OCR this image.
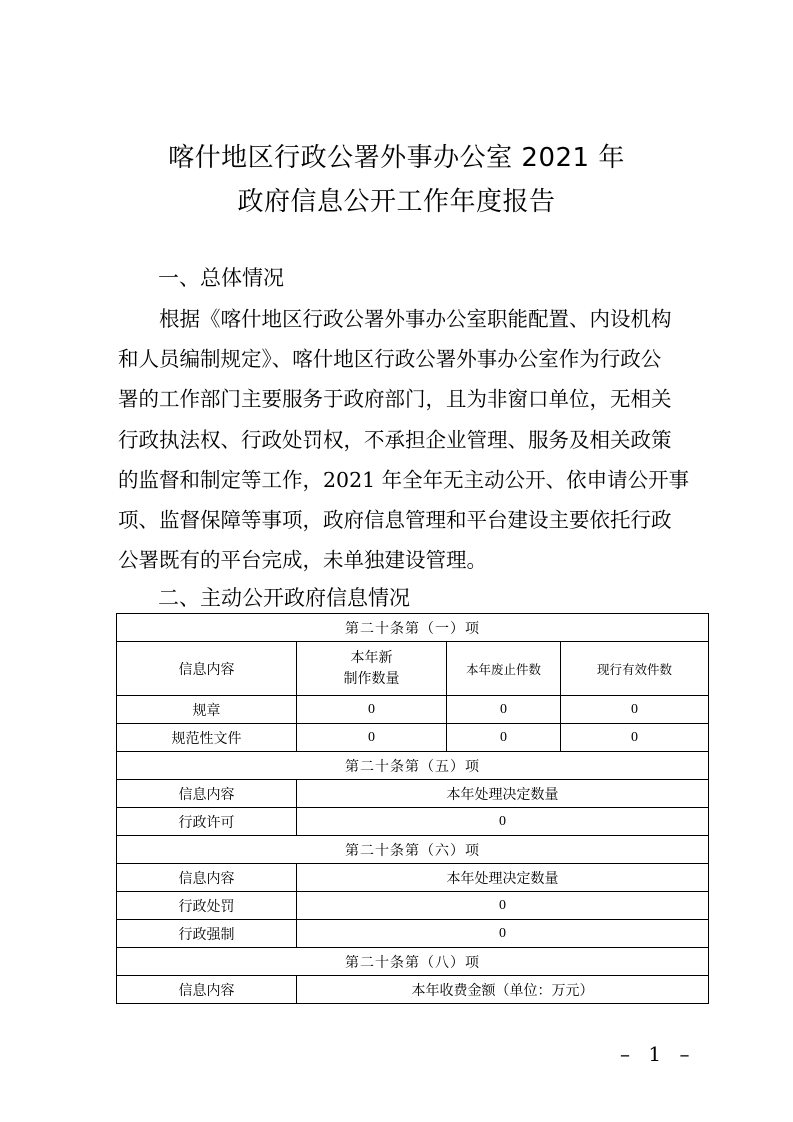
喀什地区行政公署外事办公室 2021 年
政府信息公开工作年度报告
一、总体情况
根据《喀什地区行政公署外事办公室职能配置、内设机构
和人员编制规定》、喀什地区行政公署外事办公室作为行政公
署的工作部门主要服务于政府部门，且为非窗口单位，无相关
行政执法权、行政处罚权，不承担企业管理、服务及相关政策
的监督和制定等工作，2021 年全年无主动公开、依申请公开事
项、监督保障等事项，政府信息管理和平台建设主要依托行政
公署既有的平台完成，未单独建设管理。
二、主动公开政府信息情况
第二十条第（一）项			
信息内容	本年新
制作数量	本年废止件数	现行有效件数
规章	0	0	0
规范性文件	0	0	0
第二十条第（五）项			
信息内容	本年处理决定数量		
行政许可	0		
第二十条第（六）项			
信息内容	本年处理决定数量		
行政处罚	0		
行政强制	0		
第二十条第（八）项			
信息内容	本年收费金额（单位：万元）		
– 1 –
